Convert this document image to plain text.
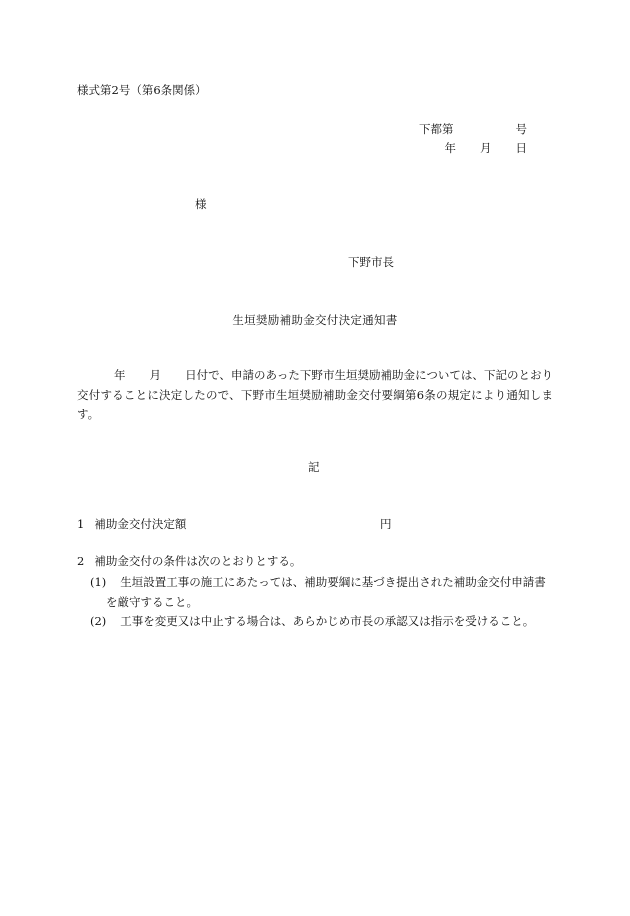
様式第2号（第6条関係）
下都第	号
年 月 日
様
下野市長
生垣奨励補助金交付決定通知書
年 月 日付で、申請のあった下野市生垣奨励補助金については、下記のとおり交付することに決定したので、下野市生垣奨励補助金交付要綱第6条の規定により通知します。
記
1 補助金交付決定額	円
2 補助金交付の条件は次のとおりとする。
(1) 生垣設置工事の施工にあたっては、補助要綱に基づき提出された補助金交付申請書
を厳守すること。
(2) 工事を変更又は中止する場合は、あらかじめ市長の承認又は指示を受けること。
